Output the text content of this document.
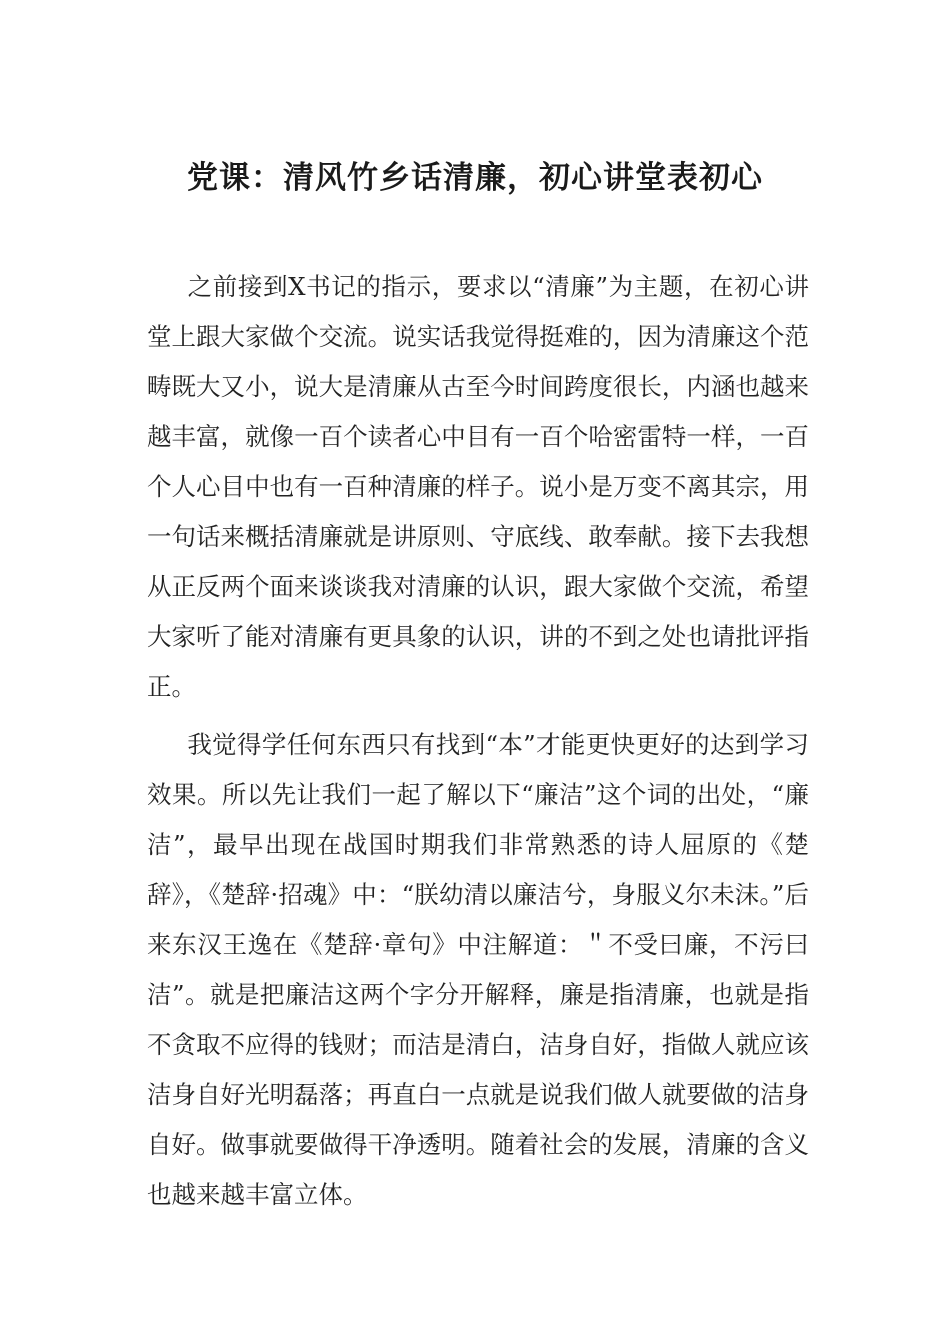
党课：清风竹乡话清廉，初心讲堂表初心

之前接到X书记的指示，要求以“清廉”为主题，在初心讲堂上跟大家做个交流。说实话我觉得挺难的，因为清廉这个范畴既大又小，说大是清廉从古至今时间跨度很长，内涵也越来越丰富，就像一百个读者心中目有一百个哈密雷特一样，一百个人心目中也有一百种清廉的样子。说小是万变不离其宗，用一句话来概括清廉就是讲原则、守底线、敢奉献。接下去我想从正反两个面来谈谈我对清廉的认识，跟大家做个交流，希望大家听了能对清廉有更具象的认识，讲的不到之处也请批评指正。

我觉得学任何东西只有找到“本”才能更快更好的达到学习效果。所以先让我们一起了解以下“廉洁”这个词的出处，“廉洁”，最早出现在战国时期我们非常熟悉的诗人屈原的《楚辞》，《楚辞·招魂》中：“朕幼清以廉洁兮，身服义尔未沫。”后来东汉王逸在《楚辞·章句》中注解道：＂不受曰廉，不污曰洁”。就是把廉洁这两个字分开解释，廉是指清廉，也就是指不贪取不应得的钱财；而洁是清白，洁身自好，指做人就应该洁身自好光明磊落；再直白一点就是说我们做人就要做的洁身自好。做事就要做得干净透明。随着社会的发展，清廉的含义也越来越丰富立体。
